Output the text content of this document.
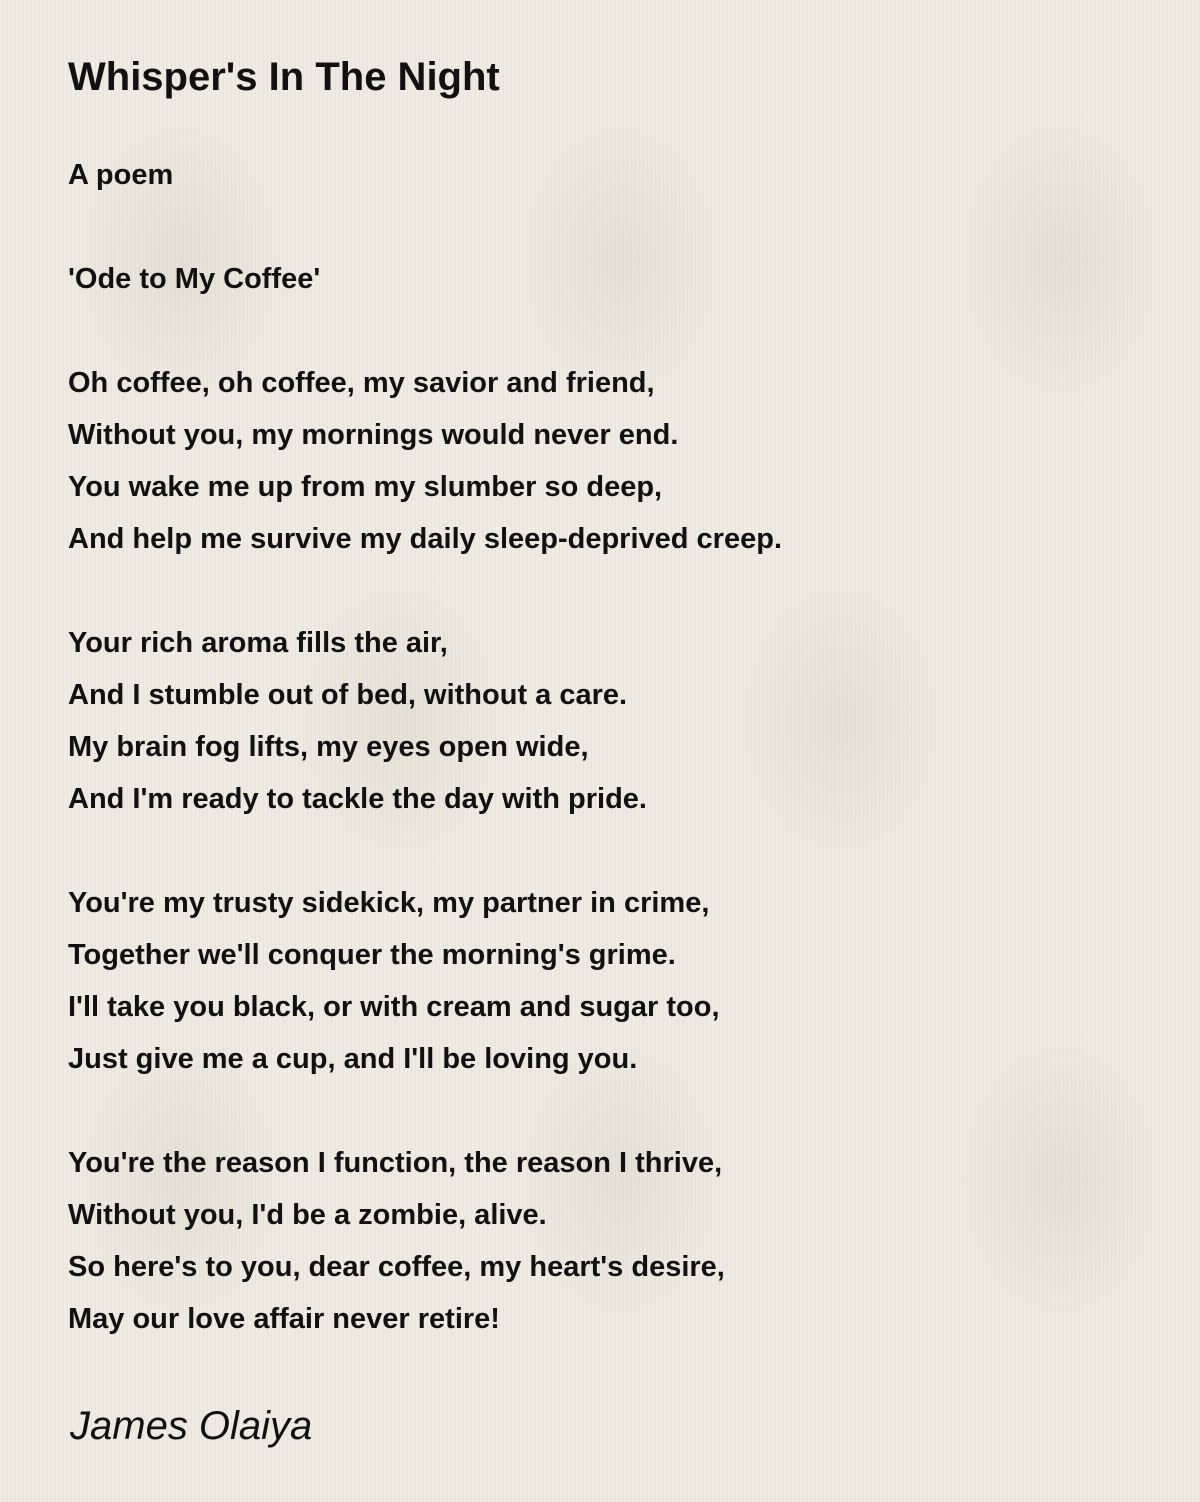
Whisper's In The Night

A poem

'Ode to My Coffee'

Oh coffee, oh coffee, my savior and friend,
Without you, my mornings would never end.
You wake me up from my slumber so deep,
And help me survive my daily sleep-deprived creep.
Your rich aroma fills the air,
And I stumble out of bed, without a care.
My brain fog lifts, my eyes open wide,
And I'm ready to tackle the day with pride.
You're my trusty sidekick, my partner in crime,
Together we'll conquer the morning's grime.
I'll take you black, or with cream and sugar too,
Just give me a cup, and I'll be loving you.
You're the reason I function, the reason I thrive,
Without you, I'd be a zombie, alive.
So here's to you, dear coffee, my heart's desire,
May our love affair never retire!

James Olaiya
